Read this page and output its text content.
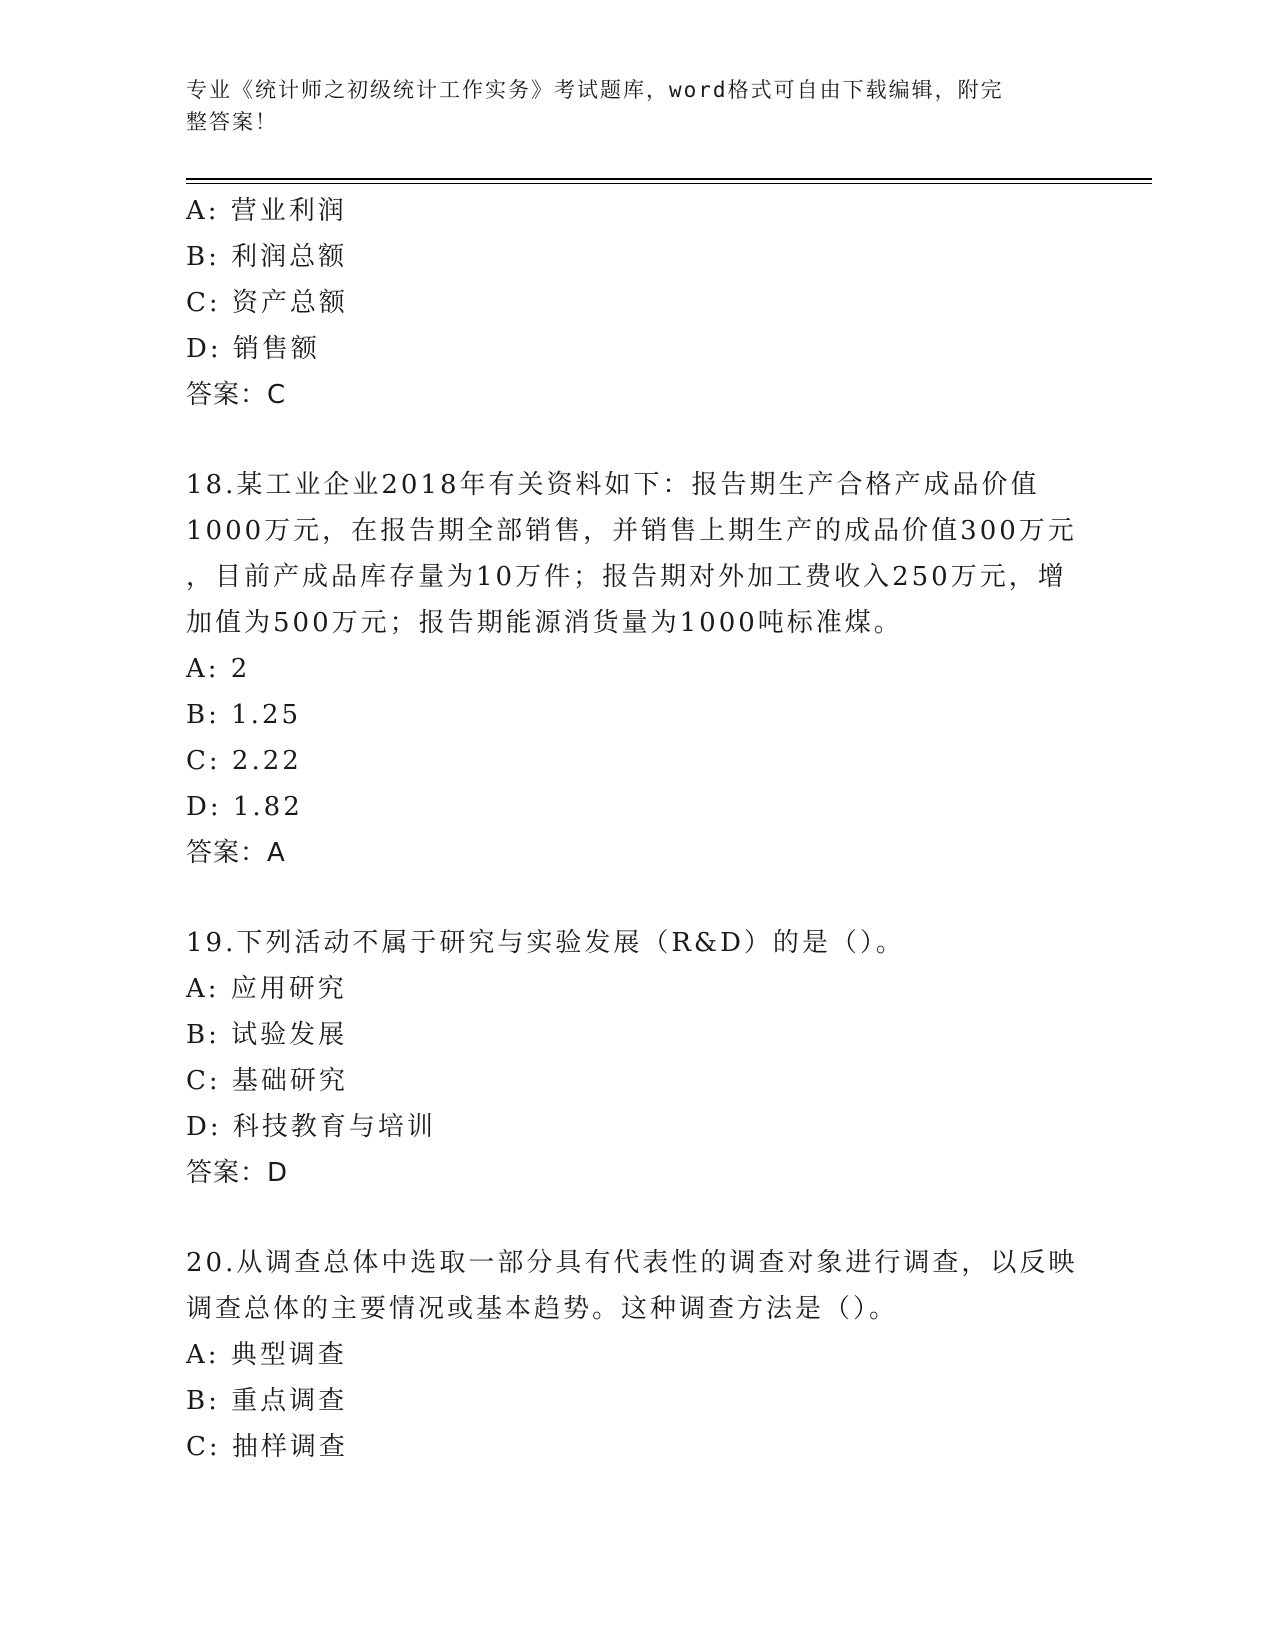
专业《统计师之初级统计工作实务》考试题库，word格式可自由下载编辑，附完
整答案！
A: 营业利润
B: 利润总额
C: 资产总额
D: 销售额
答案：C
18.某工业企业2018年有关资料如下：报告期生产合格产成品价值
1000万元，在报告期全部销售，并销售上期生产的成品价值300万元
，目前产成品库存量为10万件；报告期对外加工费收入250万元，增
加值为500万元；报告期能源消货量为1000吨标准煤。
A: 2
B: 1.25
C: 2.22
D: 1.82
答案：A
19.下列活动不属于研究与实验发展（R&D）的是（）。
A: 应用研究
B: 试验发展
C: 基础研究
D: 科技教育与培训
答案：D
20.从调查总体中选取一部分具有代表性的调查对象进行调查，以反映
调查总体的主要情况或基本趋势。这种调查方法是（）。
A: 典型调查
B: 重点调查
C: 抽样调查
